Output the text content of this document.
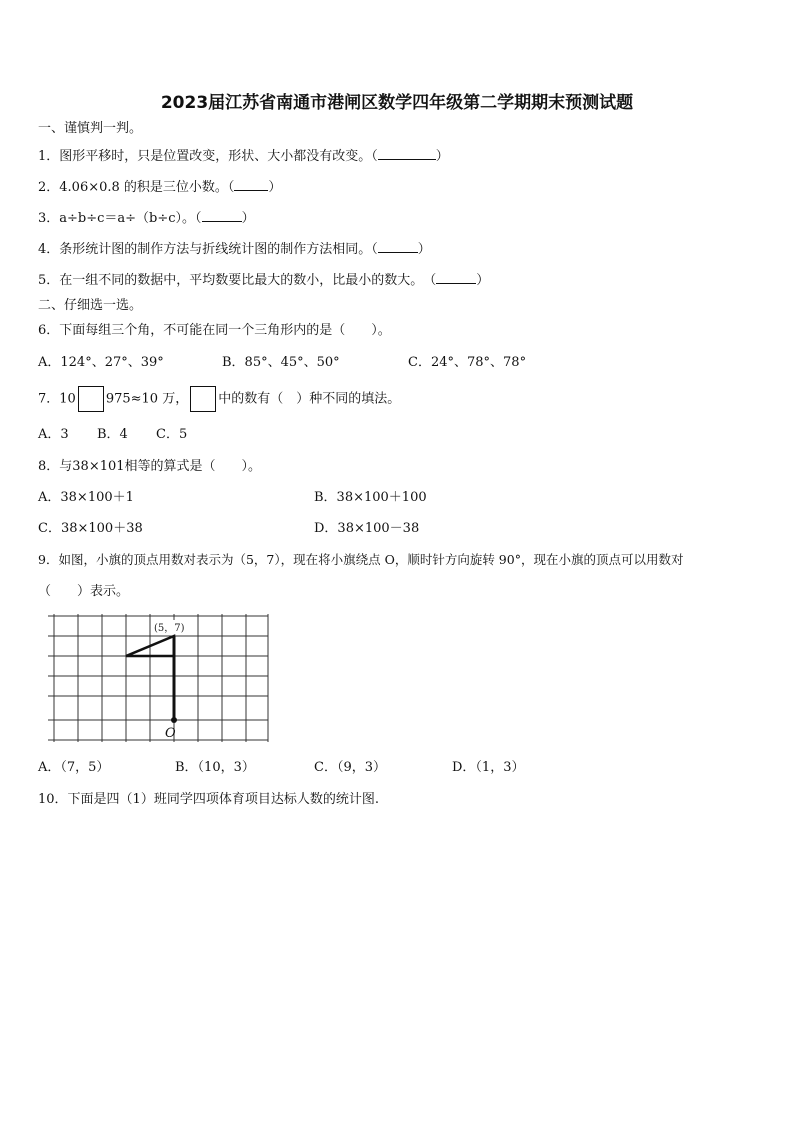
2023届江苏省南通市港闸区数学四年级第二学期期末预测试题
一、谨慎判一判。
1．图形平移时，只是位置改变，形状、大小都没有改变。（	）
2．4.06×0.8 的积是三位小数。（	）
3．a÷b÷c＝a÷（b÷c）。（	）
4．条形统计图的制作方法与折线统计图的制作方法相同。（	）
5．在一组不同的数据中，平均数要比最大的数小，比最小的数大。　（	）
二、仔细选一选。
6．下面每组三个角，不可能在同一个三角形内的是（　　）。
A．124°、27°、39°	B．85°、45°、50°	C．24°、78°、78°
7．10 975≈10 万， 中的数有（　）种不同的填法。
A．3 B．4 C．5
8．与38×101相等的算式是（　　）。
A．38×100＋1	B．38×100＋100
C．38×100＋38	D．38×100－38
9．如图，小旗的顶点用数对表示为（5，7），现在将小旗绕点 O，顺时针方向旋转 90°，现在小旗的顶点可以用数对
（　　）表示。
(5，7)
O
A．（7，5）	B．（10，3）	C．（9，3）	D．（1，3）
10．下面是四（1）班同学四项体育项目达标人数的统计图.
